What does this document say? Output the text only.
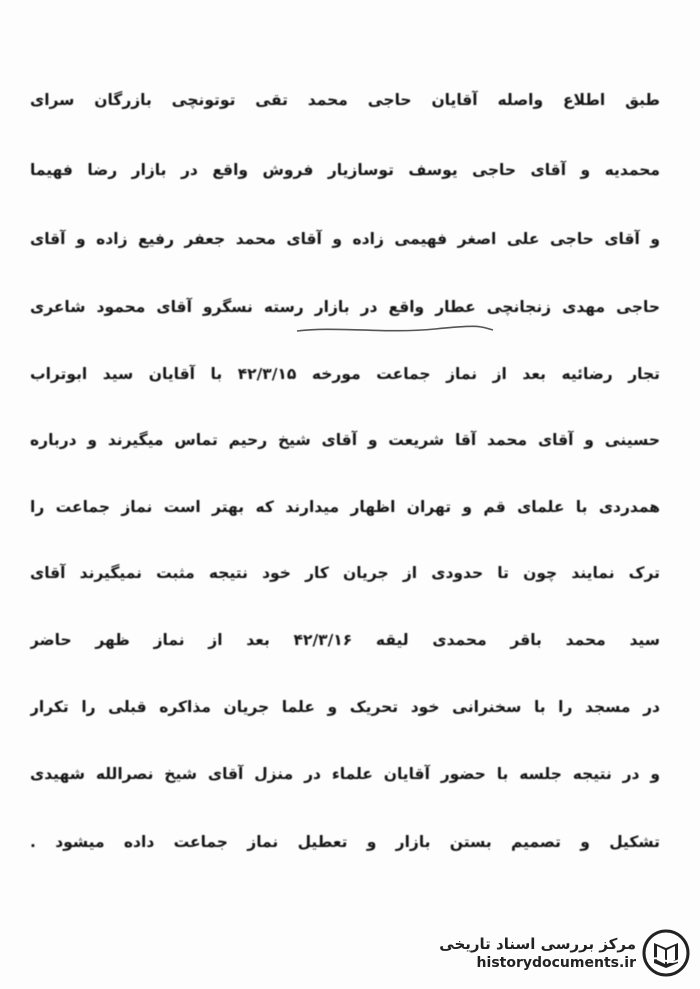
طبق اطلاع واصله آقایان حاجی محمد تقی توتونچی بازرگان سرای
محمدیه و آقای حاجی یوسف توسازیار فروش واقع در بازار رضا فهیما
و آقای حاجی علی اصغر فهیمی زاده و آقای محمد جعفر رفیع زاده و آقای
حاجی مهدی زنجانچی عطار واقع در بازار رسته نسگرو آقای محمود شاعری
تجار رضائیه بعد از نماز جماعت مورخه ۴۲/۳/۱۵ با آقایان سید ابوتراب
حسینی و آقای محمد آقا شریعت و آقای شیخ رحیم تماس میگیرند و درباره
همدردی با علمای قم و تهران اظهار میدارند که بهتر است نماز جماعت را
ترک نمایند چون تا حدودی از جریان کار خود نتیجه مثبت نمیگیرند آقای
سید محمد باقر محمدی لیقه ۴۲/۳/۱۶ بعد از نماز ظهر حاضر
در مسجد را با سخنرانی خود تحریک و علما جریان مذاکره قبلی را تکرار
و در نتیجه جلسه با حضور آقایان علماء در منزل آقای شیخ نصرالله شهیدی
تشکیل و تصمیم بستن بازار و تعطیل نماز جماعت داده میشود .
مرکز بررسی اسناد تاریخی
historydocuments.ir
